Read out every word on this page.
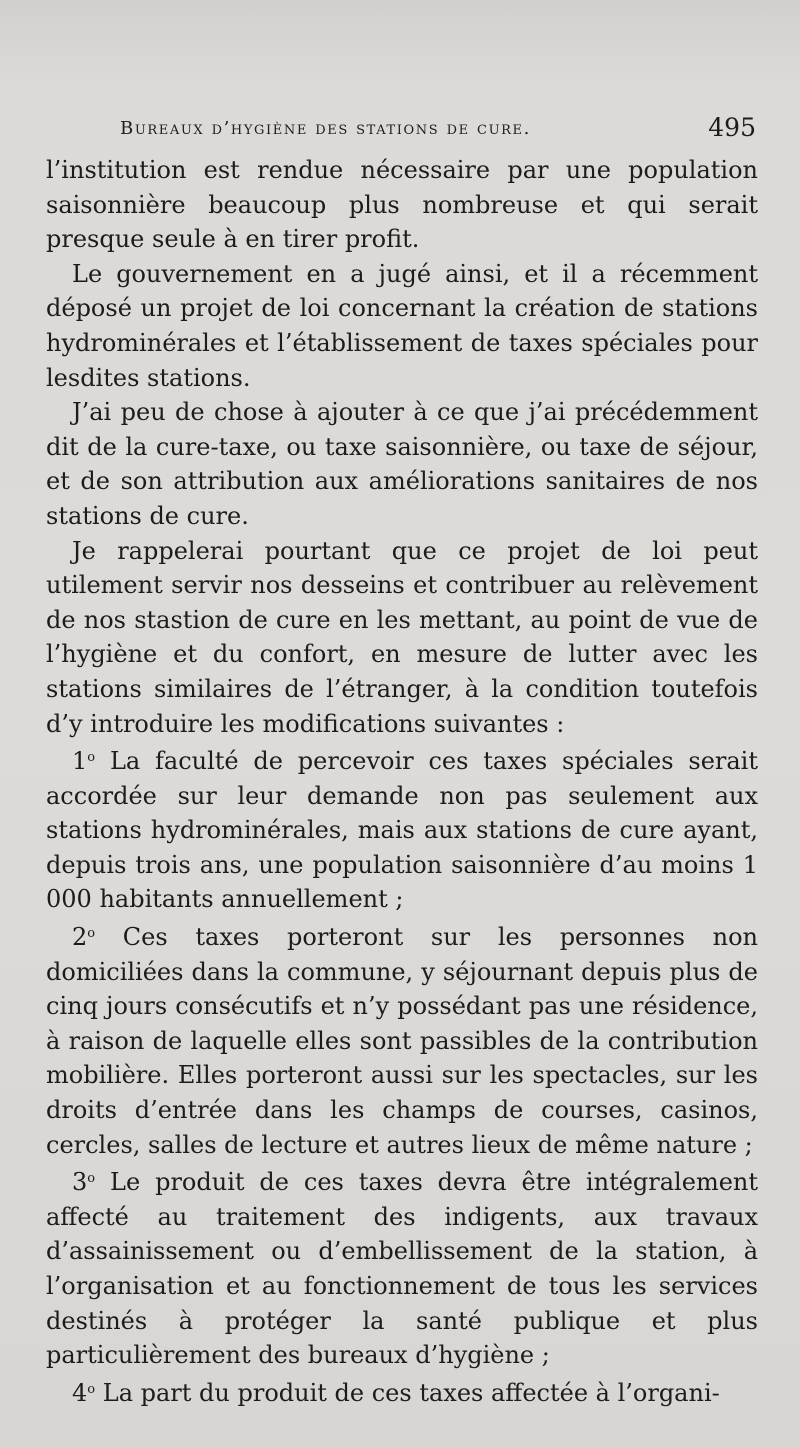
Bureaux d’hygiène des stations de cure.	495

l’institution est rendue nécessaire par une population saisonnière beaucoup plus nombreuse et qui serait presque seule à en tirer profit.

Le gouvernement en a jugé ainsi, et il a récemment déposé un projet de loi concernant la création de stations hydrominérales et l’établissement de taxes spéciales pour lesdites stations.

J’ai peu de chose à ajouter à ce que j’ai précédemment dit de la cure-taxe, ou taxe saisonnière, ou taxe de séjour, et de son attribution aux améliorations sanitaires de nos stations de cure.

Je rappelerai pourtant que ce projet de loi peut utilement servir nos desseins et contribuer au relèvement de nos stastion de cure en les mettant, au point de vue de l’hygiène et du confort, en mesure de lutter avec les stations similaires de l’étranger, à la condition toutefois d’y introduire les modifications suivantes :

1$^o$ La faculté de percevoir ces taxes spéciales serait accordée sur leur demande non pas seulement aux stations hydrominérales, mais aux stations de cure ayant, depuis trois ans, une population saisonnière d’au moins 1 000 habitants annuellement ;

2$^o$ Ces taxes porteront sur les personnes non domiciliées dans la commune, y séjournant depuis plus de cinq jours consécutifs et n’y possédant pas une résidence, à raison de laquelle elles sont passibles de la contribution mobilière. Elles porteront aussi sur les spectacles, sur les droits d’entrée dans les champs de courses, casinos, cercles, salles de lecture et autres lieux de même nature ;

3$^o$ Le produit de ces taxes devra être intégralement affecté au traitement des indigents, aux travaux d’assainissement ou d’embellissement de la station, à l’organisation et au fonctionnement de tous les services destinés à protéger la santé publique et plus particulièrement des bureaux d’hygiène ;

4$^o$ La part du produit de ces taxes affectée à l’organi-
